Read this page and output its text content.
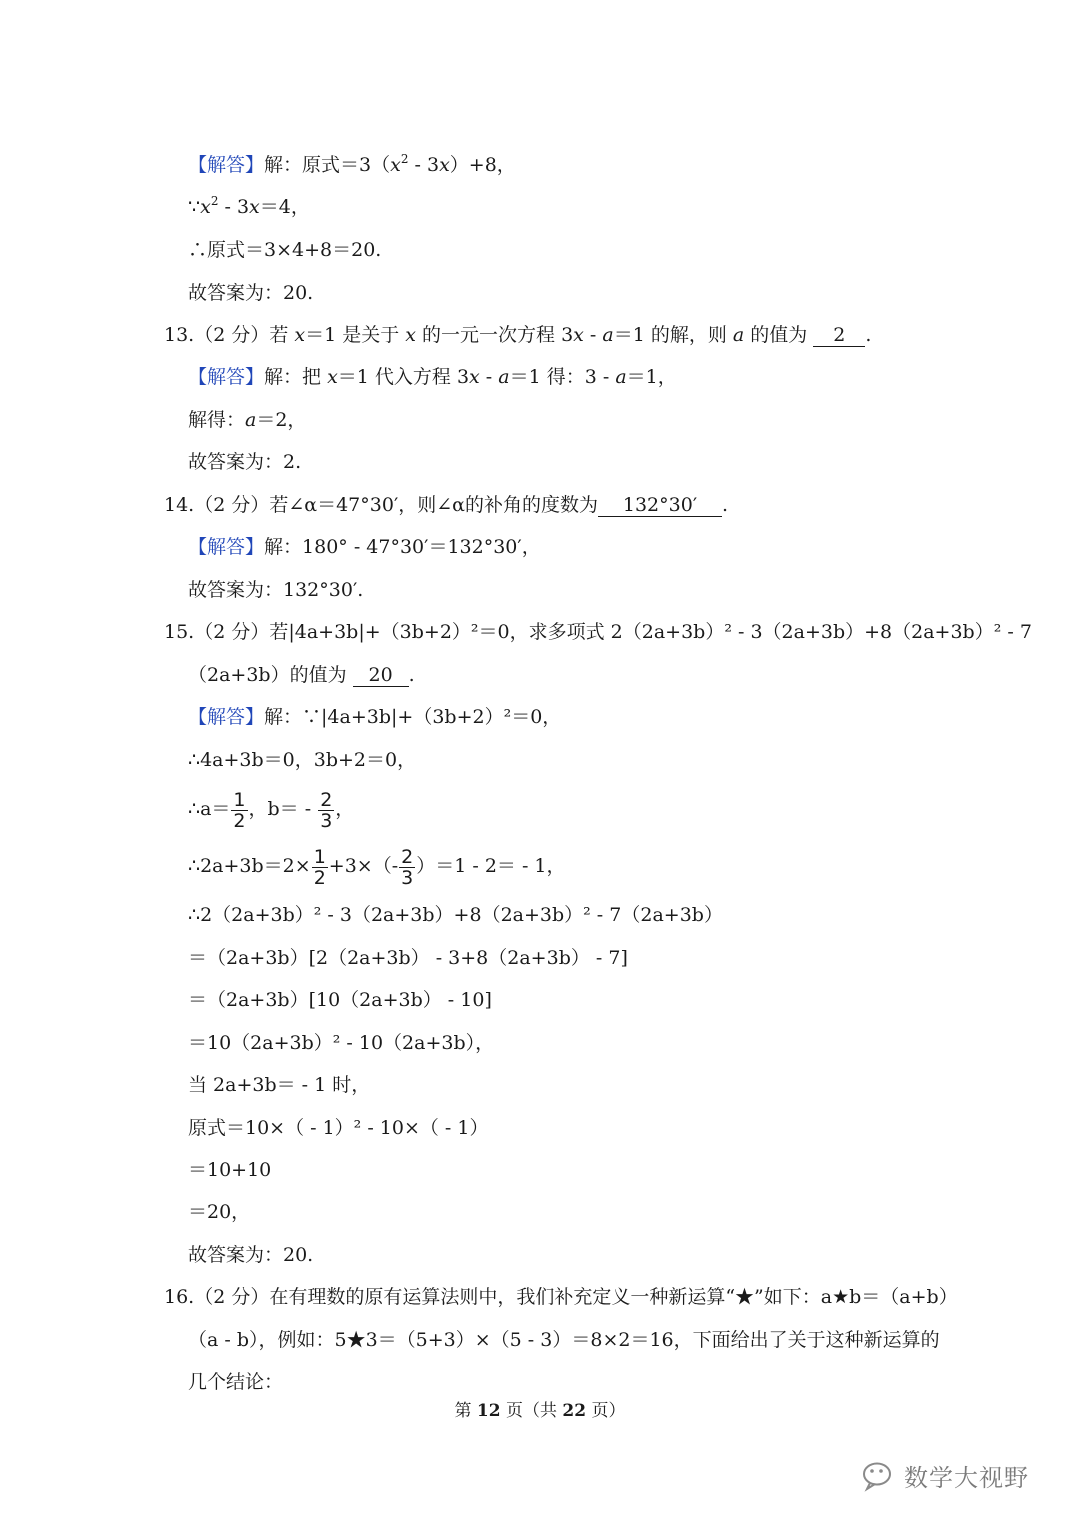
【解答】解：原式$=3(x^2 - 3x)+8$，
$\because x^2 - 3x=4$，
∴原式＝3×4+8＝20.
故答案为：20.
13.（2 分）若 x＝1 是关于 x 的一元一次方程 3x - a＝1 的解，则 a 的值为 2 .
【解答】解：把 x＝1 代入方程 3x - a＝1 得：3 - a＝1，
解得：a＝2，
故答案为：2.
14.（2 分）若∠α＝47°30′，则∠α的补角的度数为 132°30′ .
【解答】解：180° - 47°30′＝132°30′，
故答案为：132°30′.
15.（2 分）若|4a+3b|+（3b+2）²＝0，求多项式 2（2a+3b）² - 3（2a+3b）+8（2a+3b）² - 7
（2a+3b）的值为 20 .
【解答】解：∵|4a+3b|+（3b+2）²＝0，
∴4a+3b＝0，3b+2＝0，
∴a＝ $\frac{1}{2}$ ，$b= - \frac{2}{3}$ ，
∴2a+3b＝2× $\frac{1}{2} +3\times(- \frac{2}{3} )=1 - 2= - 1$，
∴2（2a+3b）² - 3（2a+3b）+8（2a+3b）² - 7（2a+3b）
＝（2a+3b）[2（2a+3b） - 3+8（2a+3b） - 7]
＝（2a+3b）[10（2a+3b） - 10]
＝10（2a+3b）² - 10（2a+3b），
当 2a+3b＝ - 1 时，
原式＝10×（ - 1）² - 10×（ - 1）
＝10+10
＝20，
故答案为：20.
16.（2 分）在有理数的原有运算法则中，我们补充定义一种新运算“★”如下：a★b＝（a+b）
（a - b），例如：5★3＝（5+3）×（5 - 3）＝8×2＝16，下面给出了关于这种新运算的
几个结论：
第 12 页（共 22 页）
数学大视野
